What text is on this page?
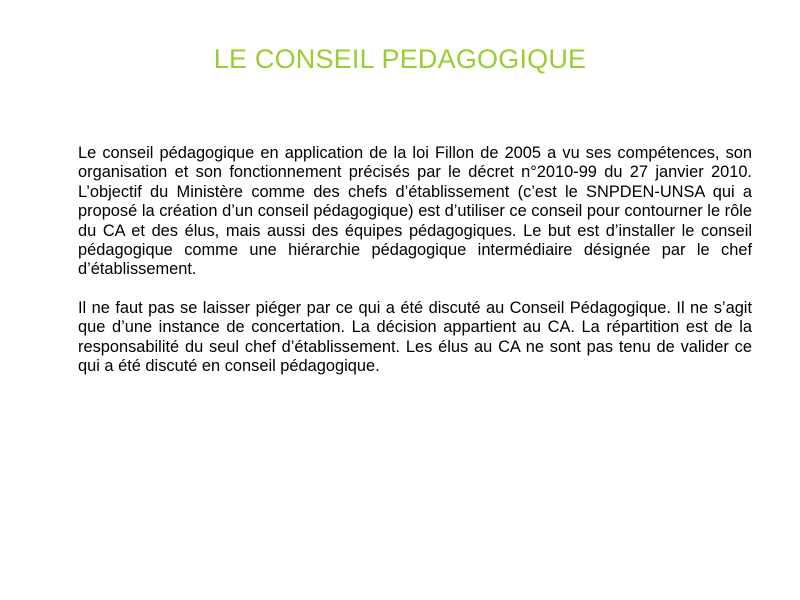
LE CONSEIL PEDAGOGIQUE

Le conseil pédagogique en application de la loi Fillon de 2005 a vu ses compétences, son organisation et son fonctionnement précisés par le décret n°2010-99 du 27 janvier 2010. L’objectif du Ministère comme des chefs d’établissement (c’est le SNPDEN-UNSA qui a proposé la création d’un conseil pédagogique) est d’utiliser ce conseil pour contourner le rôle du CA et des élus, mais aussi des équipes pédagogiques. Le but est d’installer le conseil pédagogique comme une hiérarchie pédagogique intermédiaire désignée par le chef d’établissement.

Il ne faut pas se laisser piéger par ce qui a été discuté au Conseil Pédagogique. Il ne s’agit que d’une instance de concertation. La décision appartient au CA. La répartition est de la responsabilité du seul chef d’établissement. Les élus au CA ne sont pas tenu de valider ce qui a été discuté en conseil pédagogique.
